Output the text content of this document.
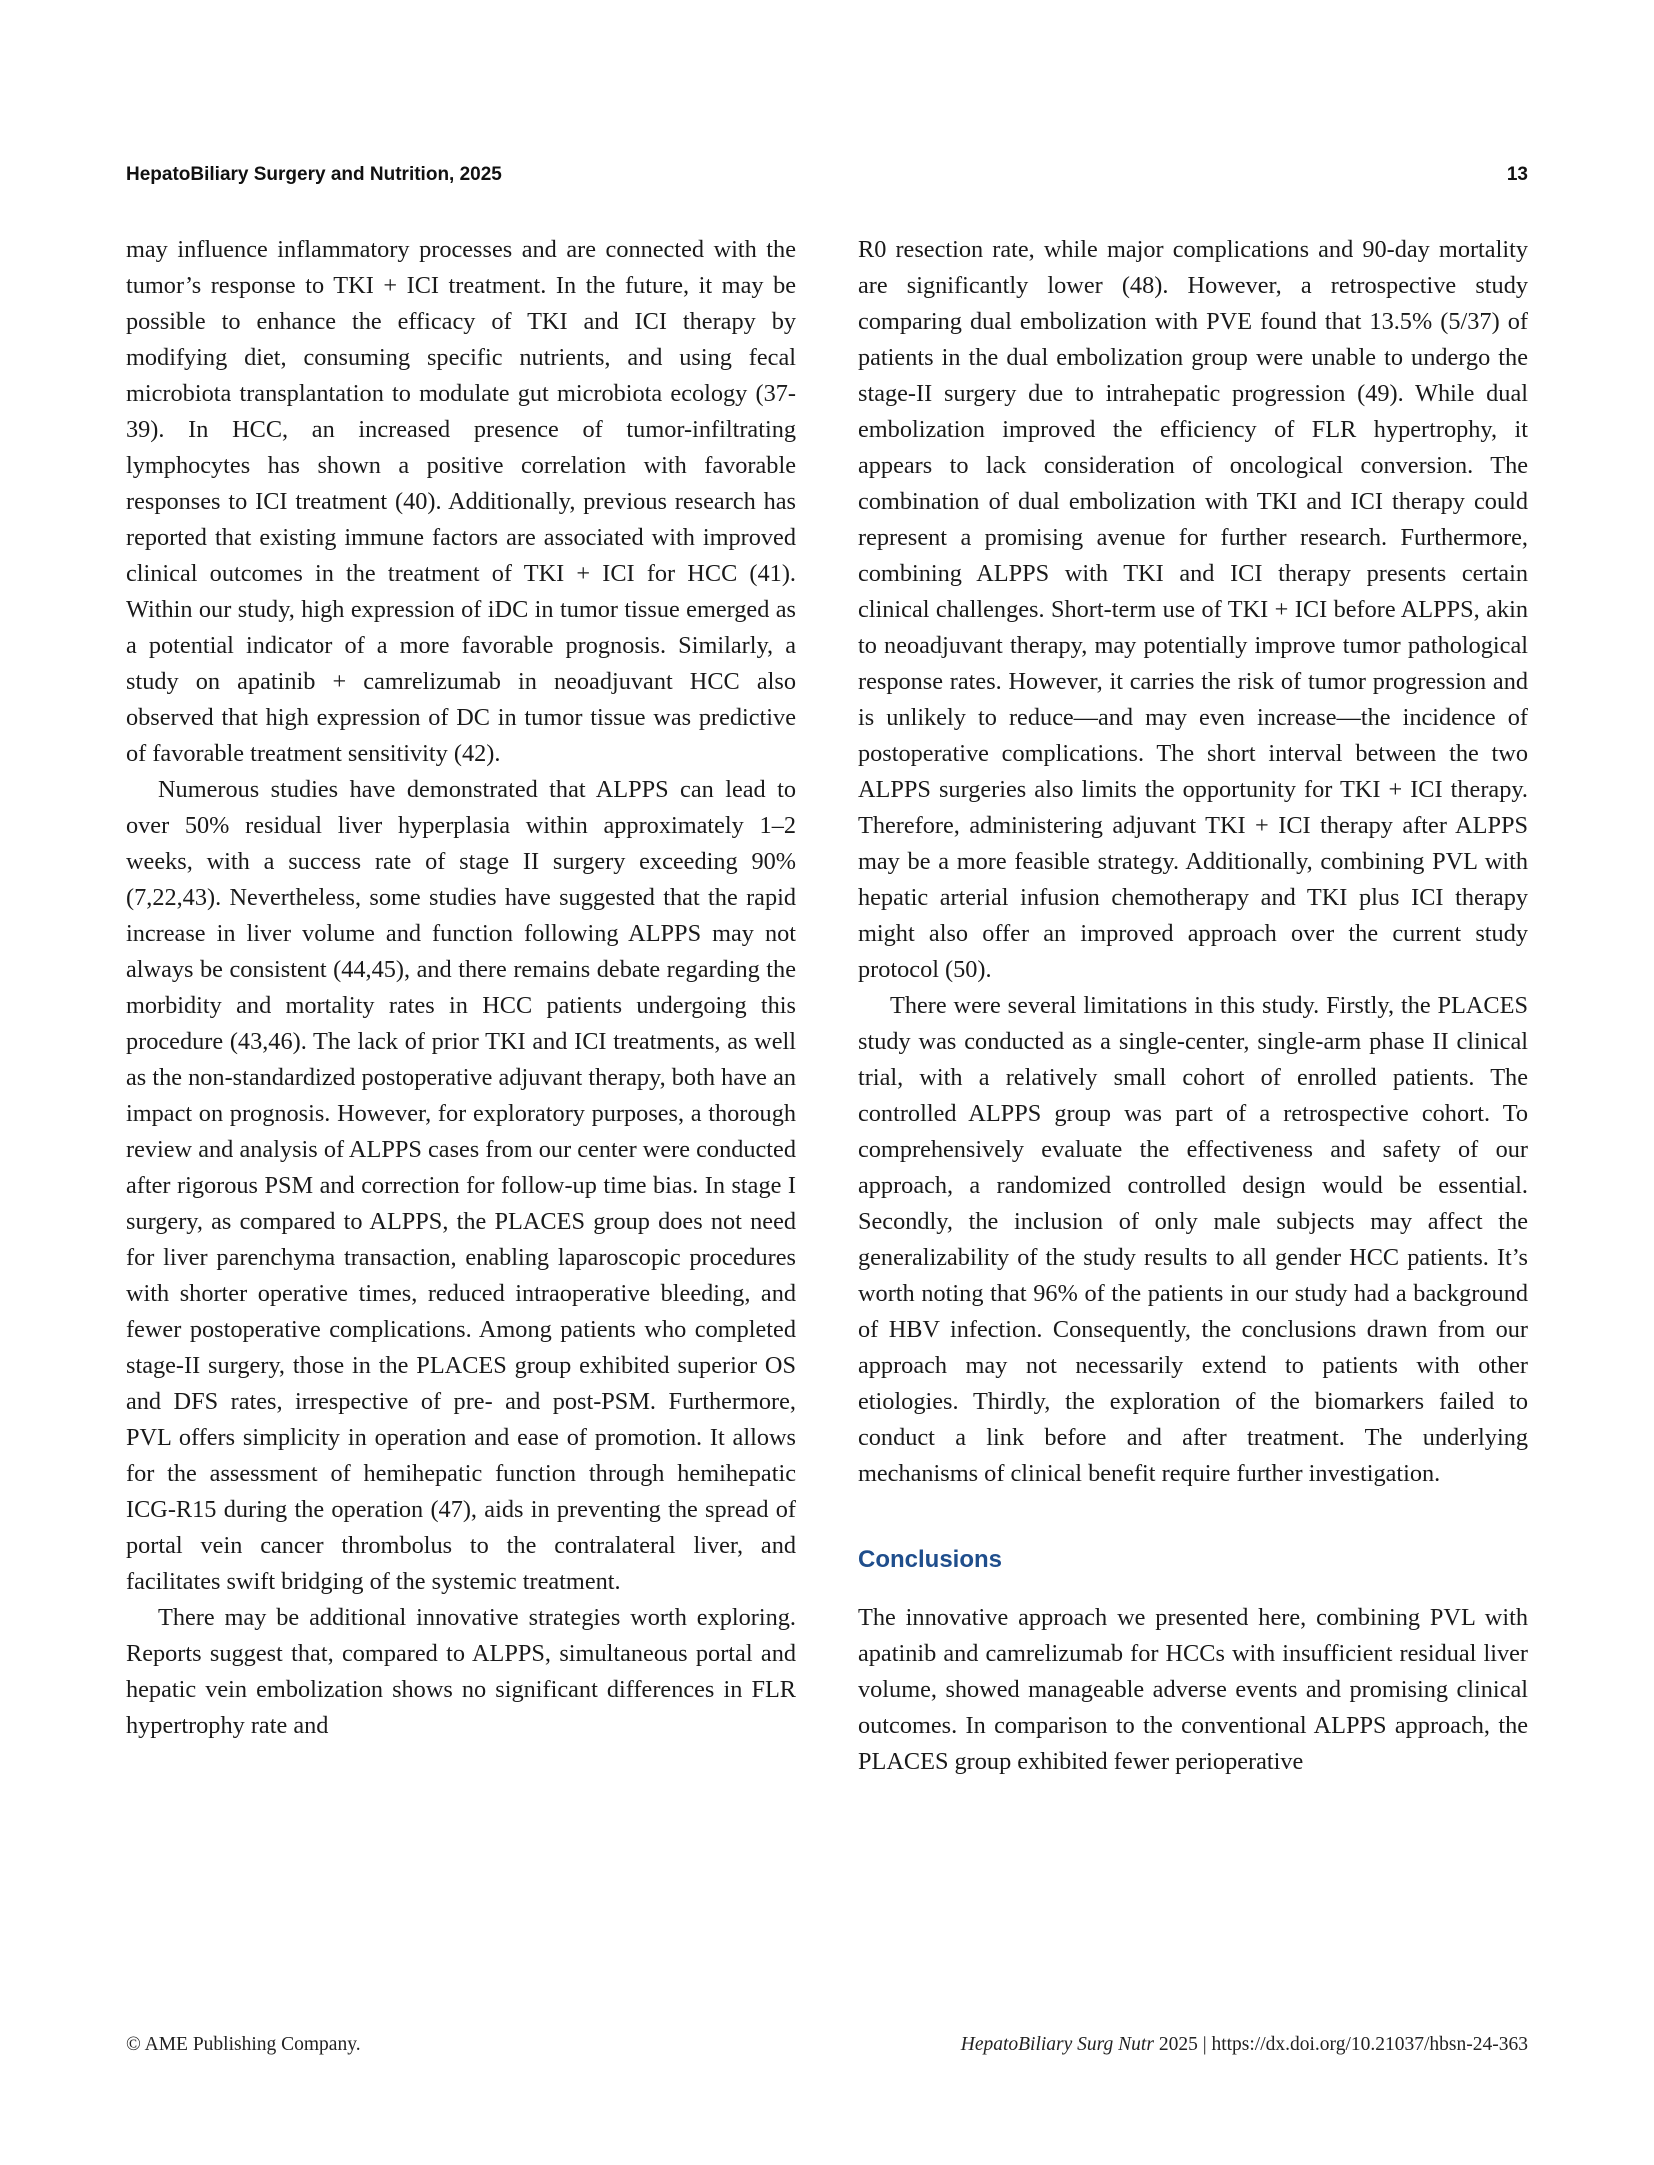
HepatoBiliary Surgery and Nutrition, 2025	13

may influence inflammatory processes and are connected with the tumor’s response to TKI + ICI treatment. In the future, it may be possible to enhance the efficacy of TKI and ICI therapy by modifying diet, consuming specific nutrients, and using fecal microbiota transplantation to modulate gut microbiota ecology (37-39). In HCC, an increased presence of tumor-infiltrating lymphocytes has shown a positive correlation with favorable responses to ICI treatment (40). Additionally, previous research has reported that existing immune factors are associated with improved clinical outcomes in the treatment of TKI + ICI for HCC (41). Within our study, high expression of iDC in tumor tissue emerged as a potential indicator of a more favorable prognosis. Similarly, a study on apatinib + camrelizumab in neoadjuvant HCC also observed that high expression of DC in tumor tissue was predictive of favorable treatment sensitivity (42).

Numerous studies have demonstrated that ALPPS can lead to over 50% residual liver hyperplasia within approximately 1–2 weeks, with a success rate of stage II surgery exceeding 90% (7,22,43). Nevertheless, some studies have suggested that the rapid increase in liver volume and function following ALPPS may not always be consistent (44,45), and there remains debate regarding the morbidity and mortality rates in HCC patients undergoing this procedure (43,46). The lack of prior TKI and ICI treatments, as well as the non-standardized postoperative adjuvant therapy, both have an impact on prognosis. However, for exploratory purposes, a thorough review and analysis of ALPPS cases from our center were conducted after rigorous PSM and correction for follow-up time bias. In stage I surgery, as compared to ALPPS, the PLACES group does not need for liver parenchyma transaction, enabling laparoscopic procedures with shorter operative times, reduced intraoperative bleeding, and fewer postoperative complications. Among patients who completed stage-II surgery, those in the PLACES group exhibited superior OS and DFS rates, irrespective of pre- and post-PSM. Furthermore, PVL offers simplicity in operation and ease of promotion. It allows for the assessment of hemihepatic function through hemihepatic ICG-R15 during the operation (47), aids in preventing the spread of portal vein cancer thrombolus to the contralateral liver, and facilitates swift bridging of the systemic treatment.

There may be additional innovative strategies worth exploring. Reports suggest that, compared to ALPPS, simultaneous portal and hepatic vein embolization shows no significant differences in FLR hypertrophy rate and

R0 resection rate, while major complications and 90-day mortality are significantly lower (48). However, a retrospective study comparing dual embolization with PVE found that 13.5% (5/37) of patients in the dual embolization group were unable to undergo the stage-II surgery due to intrahepatic progression (49). While dual embolization improved the efficiency of FLR hypertrophy, it appears to lack consideration of oncological conversion. The combination of dual embolization with TKI and ICI therapy could represent a promising avenue for further research. Furthermore, combining ALPPS with TKI and ICI therapy presents certain clinical challenges. Short-term use of TKI + ICI before ALPPS, akin to neoadjuvant therapy, may potentially improve tumor pathological response rates. However, it carries the risk of tumor progression and is unlikely to reduce—and may even increase—the incidence of postoperative complications. The short interval between the two ALPPS surgeries also limits the opportunity for TKI + ICI therapy. Therefore, administering adjuvant TKI + ICI therapy after ALPPS may be a more feasible strategy. Additionally, combining PVL with hepatic arterial infusion chemotherapy and TKI plus ICI therapy might also offer an improved approach over the current study protocol (50).

There were several limitations in this study. Firstly, the PLACES study was conducted as a single-center, single-arm phase II clinical trial, with a relatively small cohort of enrolled patients. The controlled ALPPS group was part of a retrospective cohort. To comprehensively evaluate the effectiveness and safety of our approach, a randomized controlled design would be essential. Secondly, the inclusion of only male subjects may affect the generalizability of the study results to all gender HCC patients. It’s worth noting that 96% of the patients in our study had a background of HBV infection. Consequently, the conclusions drawn from our approach may not necessarily extend to patients with other etiologies. Thirdly, the exploration of the biomarkers failed to conduct a link before and after treatment. The underlying mechanisms of clinical benefit require further investigation.

Conclusions

The innovative approach we presented here, combining PVL with apatinib and camrelizumab for HCCs with insufficient residual liver volume, showed manageable adverse events and promising clinical outcomes. In comparison to the conventional ALPPS approach, the PLACES group exhibited fewer perioperative

© AME Publishing Company.	HepatoBiliary Surg Nutr 2025 | https://dx.doi.org/10.21037/hbsn-24-363
